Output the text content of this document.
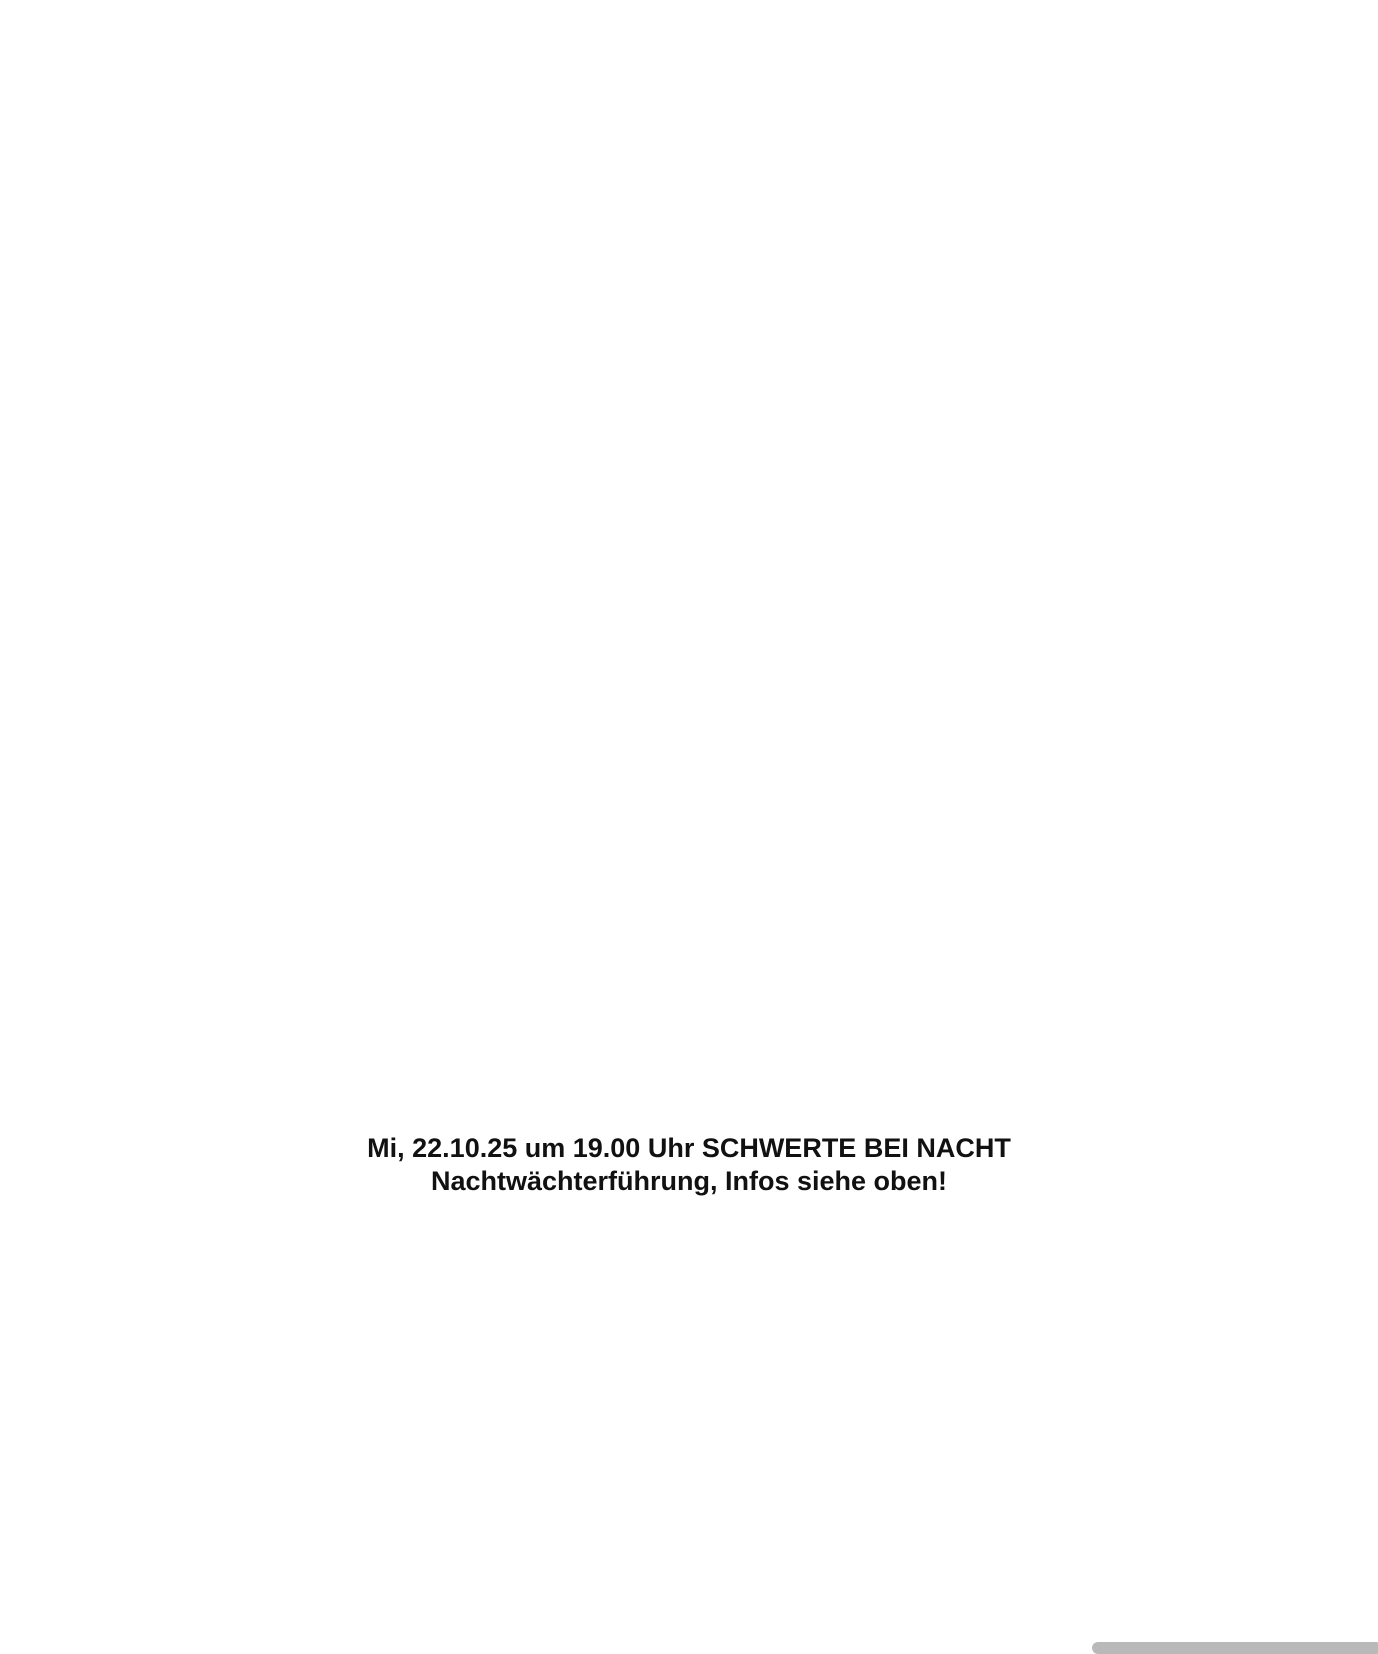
Mi, 22.10.25 um 19.00 Uhr SCHWERTE BEI NACHT
Nachtwächterführung, Infos siehe oben!
